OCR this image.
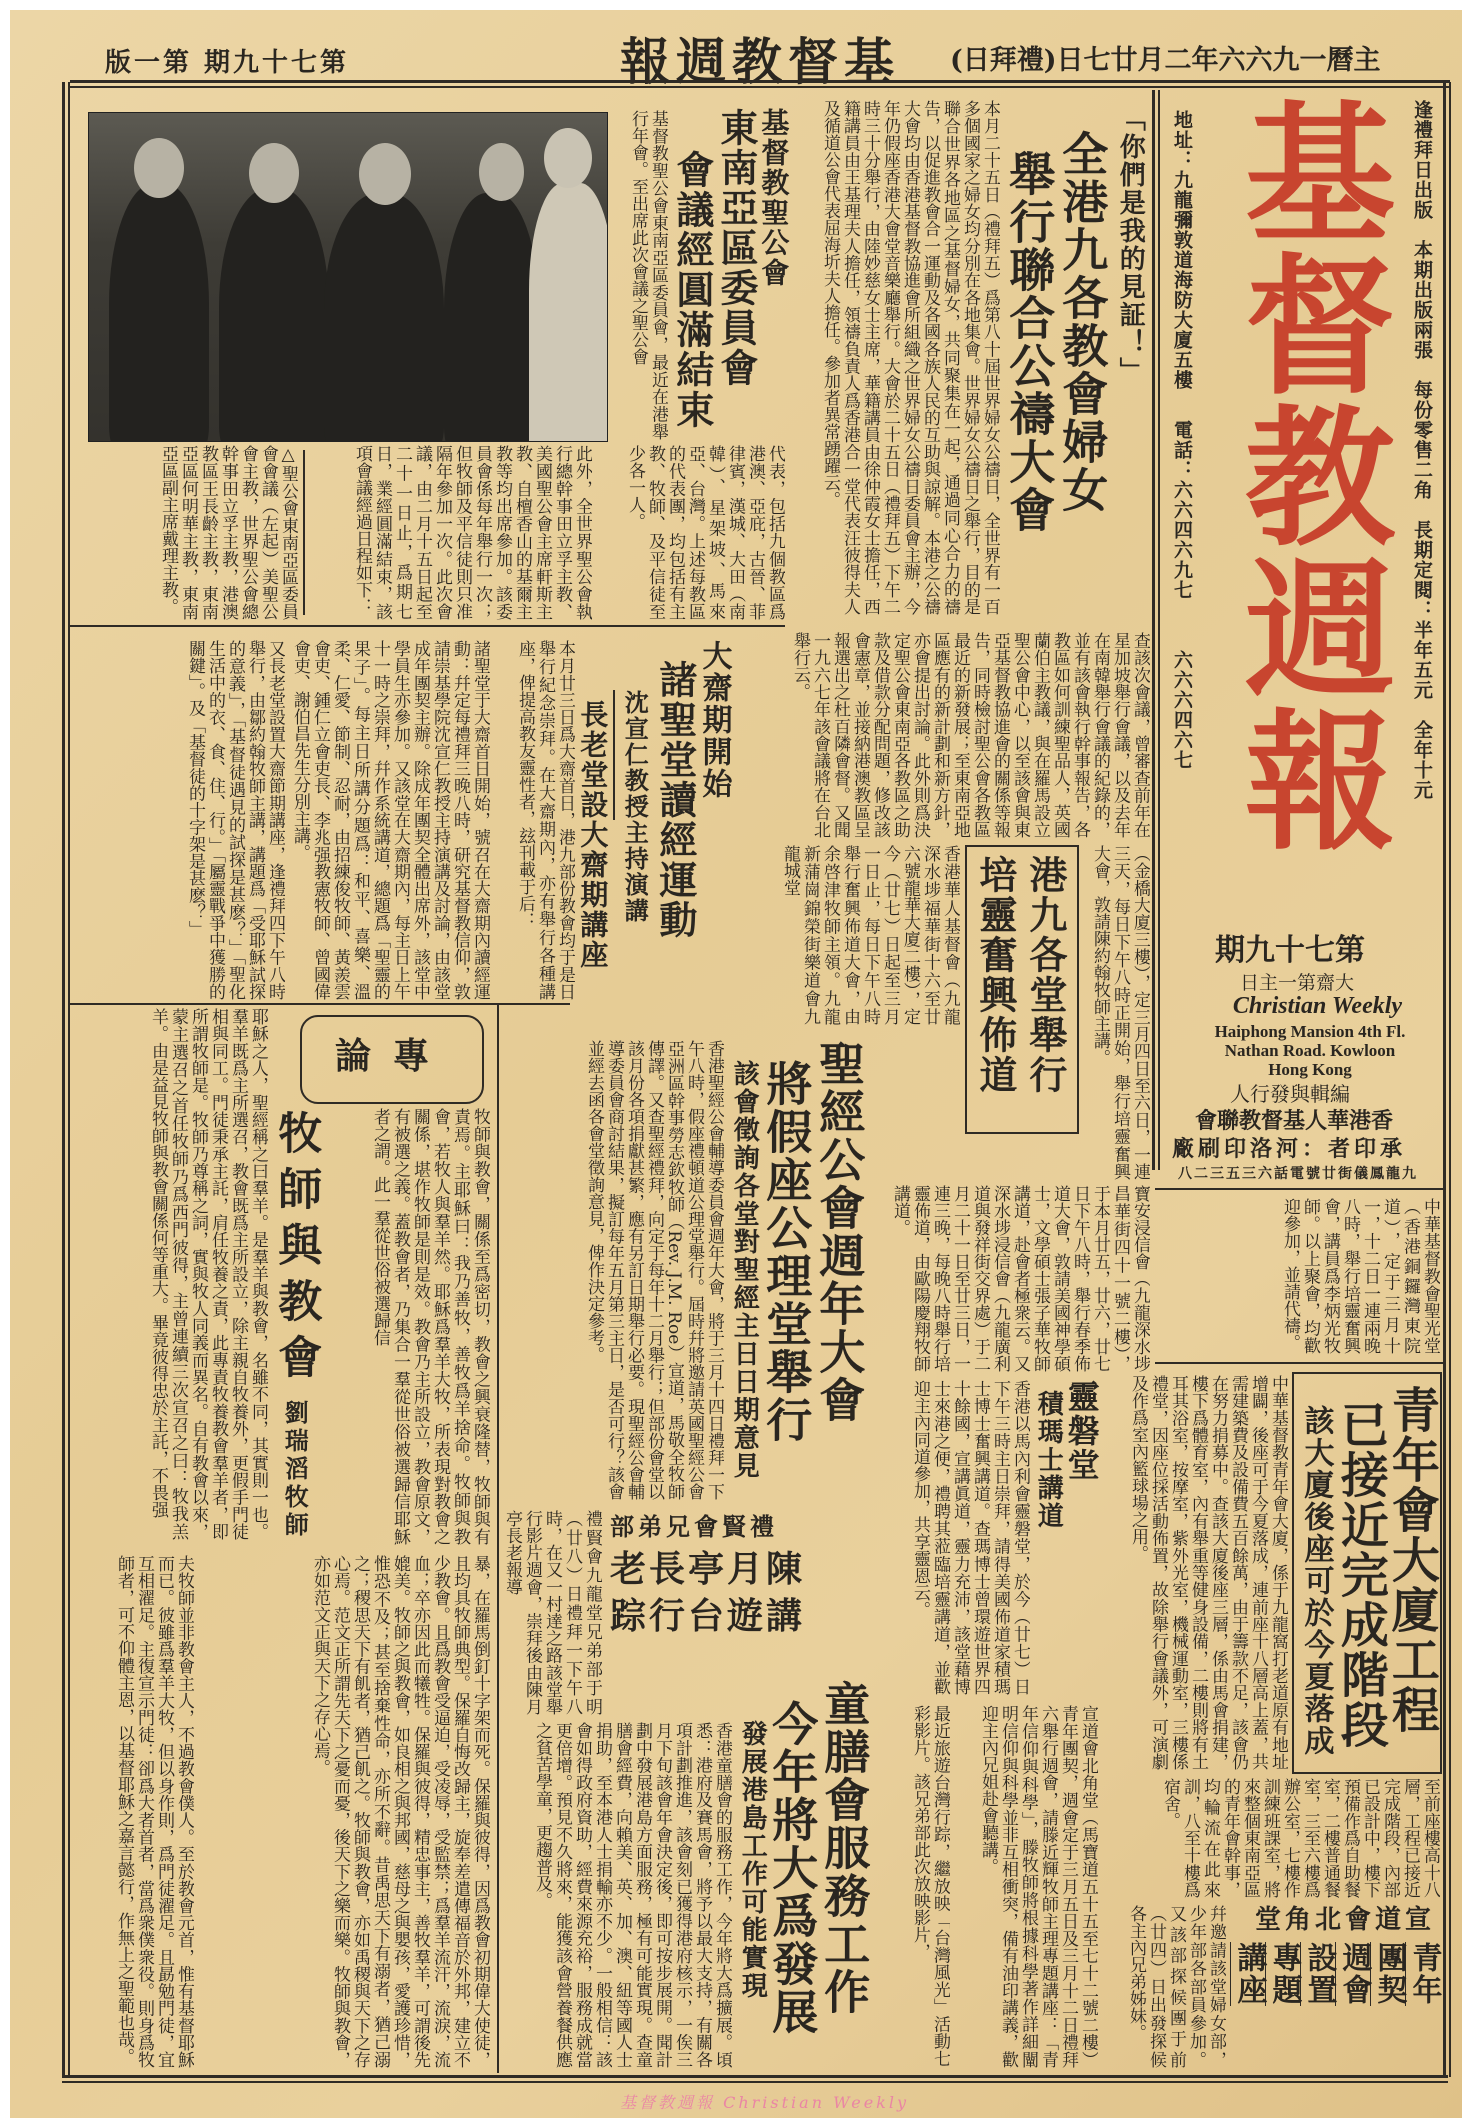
基督教週報 Christian Weekly
主曆一九六六年二月廿七日(禮拜日)
基督教週報
第七十九期 第一版
逢禮拜日出版　本期出版兩張　每份零售二角　長期定閱：半年五元　全年十元
基督教週報
地址：九龍彌敦道海防大廈五樓
電話：六六四六九七
六六六四六七
第七十九期
大齋第一主日
Christian Weekly
Haiphong Mansion 4th Fl.
Nathan Road. Kowloon
Hong Kong
編輯與發行人
香港華人基督教聯會
承印者：河洛印刷廠
九龍鳳儀街廿號電話六三五三二八
「你們是我的見証！」
全港九各教會婦女
舉行聯合公禱大會
本月二十五日（禮拜五）爲第八十屆世界婦女公禱日，全世界有一百多個國家之婦女均分別在各地集會。世界婦女公禱日之舉行，目的是聯合世界各地區之基督婦女，共同聚集在一起，通過同心合力的禱告，以促進教會合一運動及各國各族人民的互助與諒解。本港之公禱大會均由香港基督教協進會所組織之世界婦女公禱日委員會主辦，今年仍假座香港大會堂音樂廳舉行。大會於二十五日（禮拜五）下午二時三十分舉行，由陸妙慈女士主席，華籍講員由徐仲霞女士擔任，西籍講員由王基理夫人擔任，領禱負責人爲香港合一堂代表汪彼得夫人及循道公會代表屈海圻夫人擔任。參加者異常踴躍云。
基督教聖公會
東南亞區委員會
會議經圓滿結束
基督教聖公會東南亞區委員會，最近在港舉行年會。至出席此次會議之聖公會
代表，包括九個教區爲港澳、亞庇，古晉、菲律賓，漢城、大田（南韓）、星架坡、馬來亞、台灣。上述每教區的代表團，均包括有主教、牧師、及平信徒至少各一人。
此外，全世界聖公會執行總幹事田立孚主教、美國聖公會主席軒斯主教、自檀香山的基爾主教等均出席參加。該委員會係每年舉行一次；但牧師及平信徒則只准隔年參加一次。此次會議，由二月十五日起至二十一日止，爲期七日，業經圓滿結束，該項會議經過日程如下：
△聖公會東南亞區委員會會議（左起）美聖公會主教，世界聖公會總幹事田立孚主教，港澳教區王長齡主教，東南亞區何明華主教，東南亞區副主席戴理主教。
查該次會議，曾審查前年在星加坡舉行會議，以及去年在南韓舉行會議的紀錄的，並有該會執行幹事報告，各教區如何訓練聖品人，英國蘭伯主教議，與在羅馬設立聖公會中心，以至該會與東亞基督教協進會的關係等報告，同時檢討聖公會各教區最近的新發展；至東南亞地區應有的新計劃和新方針，亦會提出討論。此外則爲決定聖公會東南亞各教區之助款及借款分配問題，修改該會憲章，並接納港澳教區呈報選出之杜百隣會督。又聞一九六七年該會議將在台北舉行云。
大齋期開始
諸聖堂讀經運動
沈宣仁教授主持演講
長老堂設大齋期講座
本月廿三日爲大齋首日，港九部份教會均于是日舉行紀念崇拜。在大齋期內，亦有舉行各種講座，俾提高教友靈性者，玆刊載于后：
諸聖堂于大齋首日開始，號召在大齋期內讀經運動：幷定每禮拜三晚八時，研究基督教信仰，敦請崇基學院沈宣仁教授主持演講及討論，由該堂成年團契主辦。除成年團契全體出席外，該堂中學員生亦參加。又該堂在大齋期內，每主日上午十一時之崇拜，幷作系統講道，總題爲「聖靈的果子」。每主日所講分題爲：和平、喜樂、溫柔、仁愛、節制、忍耐，由招練俊牧師、黃羨雲會吏、鍾仁立會吏長、李兆强教憲牧師、曾國偉會吏、謝伯昌先生分別主講。
又長老堂設置大齋節期講座，逢禮拜四下午八時舉行，由鄒約翰牧師主講，講題爲「受耶穌試探的意義」，「基督徒遇見的試探是甚麽？」「聖化生活中的衣、食、住、行。」「屬靈戰爭中獲勝的關鍵」。及「基督徒的十字架是甚麽？」
港九各堂舉行
培靈奮興佈道
香港華人基督會（九龍深水埗福華街十六至廿六號龍華大廈二樓），定今（廿七）日起至三月一日止，每日下午八時舉行奮興佈道大會，由余啓津牧師主領。九龍新蒲崗錦榮街樂道會九龍城堂	（金橋大廈三樓），定三月四日至六日，一連三天，每日下午八時正開始，舉行培靈奮興大會，敦請陳約翰牧師主講。
寶安浸信會（九龍深水埗昌華街四十一號二樓），于本月廿五，廿六，廿七日下午八時，舉行春季佈道大會，敦請美國神學碩士，文學碩士張子華牧師講道，赴會者極衆云。又深水埗浸信會（九龍廣利道與發祥街交界處）于二月二十一日至廿三日，一連三晚，每晚八時舉行培靈佈道，由歐陽慶翔牧師講道。	中華基督教會聖光堂（香港銅鑼灣東院道），定于三月十一，十二日一連兩晚八時，舉行培靈奮興會，講員爲李炳光牧師。以上聚會，均歡迎參加，並請代禱。
聖經公會週年大會
將假座公理堂舉行
該會徵詢各堂對聖經主日日期意見
香港聖經公會輔導委員會週年大會，將于三月十四日禮拜一下午八時，假座禮頓道公理堂舉行。屆時幷將邀請英國聖經公會亞洲區幹事勞志欽牧師（Rev. J.M. Roe）宣道，馬敬全牧師傳譯。又查聖經禮拜，向定于每年十二月舉行；但部份會堂以該月份各項捐獻甚繁，應有另訂日期舉行必要。現聖經公會輔導委員會商討結果，擬訂每年五月第三主日，是否可行？該會並經去函各會堂徵詢意見，俾作決定參考。
靈磐堂
積瑪士講道
香港以馬內利會靈磐堂，於今（廿七）日下午三時主日崇拜，請得美國佈道家積瑪士博士奮興講道。查瑪博士曾環遊世界四十餘國，宣講眞道，靈力充沛，該堂藉博士來港之便，禮聘其蒞臨培靈講道，並歡迎主內同道參加，共享靈恩云。	青年會大廈工程
已接近完成階段
該大廈後座可於今夏落成
中華基督教青年會大廈，係于九龍窩打老道原有地址增闢，後座可于今夏落成，連前座十八層高上蓋，共需建築費及設備費五百餘萬，由于籌款不足，該會仍在努力捐募中。查該大廈後座三層，係由馬會捐建，樓下爲體育室，內有舉重等健身設備，二樓則將有土耳其浴室，按摩室，紫外光室，機械運動室，三樓係禮堂，因座位採活動佈置，故除舉行會議外，可演劇及作爲室內籃球場之用。
至前座樓高十八層，工程已接近完成階段，內部已設計中，樓下預備作爲自助餐室，二樓普通餐室，三至六樓爲辦公室，七樓作訓練班課室，將來整個東南亞區的青年會幹事，均輪流在此來訓，八至十樓爲宿舍。
禮賢會兄弟部
陳月亭長老
講遊台行踪
禮賢會九龍堂兄弟部于明（廿八）日禮拜一下午八時，在又一村達之路該堂舉行影片週會，崇拜後由陳月亭長老報導
最近旅遊台灣行踪，繼放映「台灣風光」活動七彩影片。該兄弟部此次放映影片，
幷邀請該堂婦女部，少年部各部員參加。又該部探候團于前（廿四）日出發探候各主內兄弟姊妹。
童膳會服務工作
今年將大爲發展
發展港島工作可能實現
香港童膳會的服務工作，今年將大爲擴展。頃悉：港府及賽馬會，將予以最大支持，有關各項計劃推進，該會刻已獲得港府核示，一俟三月下旬該會年會決定後，即可按步展開。聞計劃中發展港島方面服務，極有可能實現。查童膳會經費，向賴美、英、加、澳、紐等國人士捐助，至本港人士捐輸亦不少。一般相信：該會如得政府資助，經費來源充裕，服務成就當更倍增。預見不久將來，能獲該會營養餐供應之貧苦學童，更趨普及。
宣道會北角堂
青年
團契
週會
設置
專題
講座
宣道會北角堂（馬寶道五十五至七十二號二樓）青年團契，週會定于三月五日及三月十二日禮拜六舉行週會，請滕近輝牧師主理專題講座：「青年信仰與科學」，滕牧師將根據科學著作詳細闡明信仰與科學並非互相衝突，備有油印講義，歡迎主內兄姐赴會聽講。
專論
牧師與教會
劉瑞滔牧師	牧師與教會，關係至爲密切，教會之興衰隆替，牧師與有責焉。主耶穌曰：我乃善牧，善牧爲羊捨命。牧師與教會，若牧人與羣羊然。耶穌爲羣羊大牧，所表現對教會之關係，堪作牧師是則是效。教會乃主所設立，教會原文，有被選之義。蓋教會者，乃集合一羣從世俗被選歸信耶穌者之謂。此一羣從世俗被選歸信
耶穌之人，聖經稱之曰羣羊。是羣羊與教會，名雖不同，其實則一也。羣羊既爲主所選召，教會既爲主所設立，除主親自牧養外，更假手門徒相與同工。門徒秉承主託，肩任牧養之責，此專責牧養教會羣羊者，即所謂牧師是。牧師乃尊稱之詞，實與牧人同義而異名。自有教會以來，蒙主選召之首任牧師乃爲西門彼得，主曾連續三次宣召之曰：牧我羔羊。由是益見牧師與教會關係何等重大。畢竟彼得忠於主託，不畏强
暴，在羅馬倒釘十字架而死。保羅與彼得，因爲教會初期偉大使徒，且均具牧師典型。保羅自悔改歸主，旋奉差遣傳福音於外邦，建立不少教會。且爲教會受逼迫，受凌辱，受監禁；爲羣羊流汗，流淚，流血；卒亦因此而犧牲。保羅與彼得，精忠事主，善牧羣羊，可謂後先媲美。牧師之與教會，如良相之與邦國，慈母之與嬰孩，愛護珍惜，惟恐不及；甚至捨棄性命，亦所不辭。昔禹思天下有溺者，猶己溺之；稷思天下有飢者，猶己飢之。牧師與教會，亦如禹稷與天下之存心焉。范文正所謂先天下之憂而憂，後天下之樂而樂。牧師與教會，亦如范文正與天下之存心焉。
夫牧師並非教會主人，不過教會僕人。至於教會元首，惟有基督耶穌而已。彼雖爲羣羊大牧，但以身作則，爲門徒濯足。且勗勉門徒，宜互相濯足。主復宣示門徒：卻爲大者首者，當爲衆僕衆役。則身爲牧師者，可不仰體主恩，以基督耶穌之嘉言懿行，作無上之聖範也哉。
